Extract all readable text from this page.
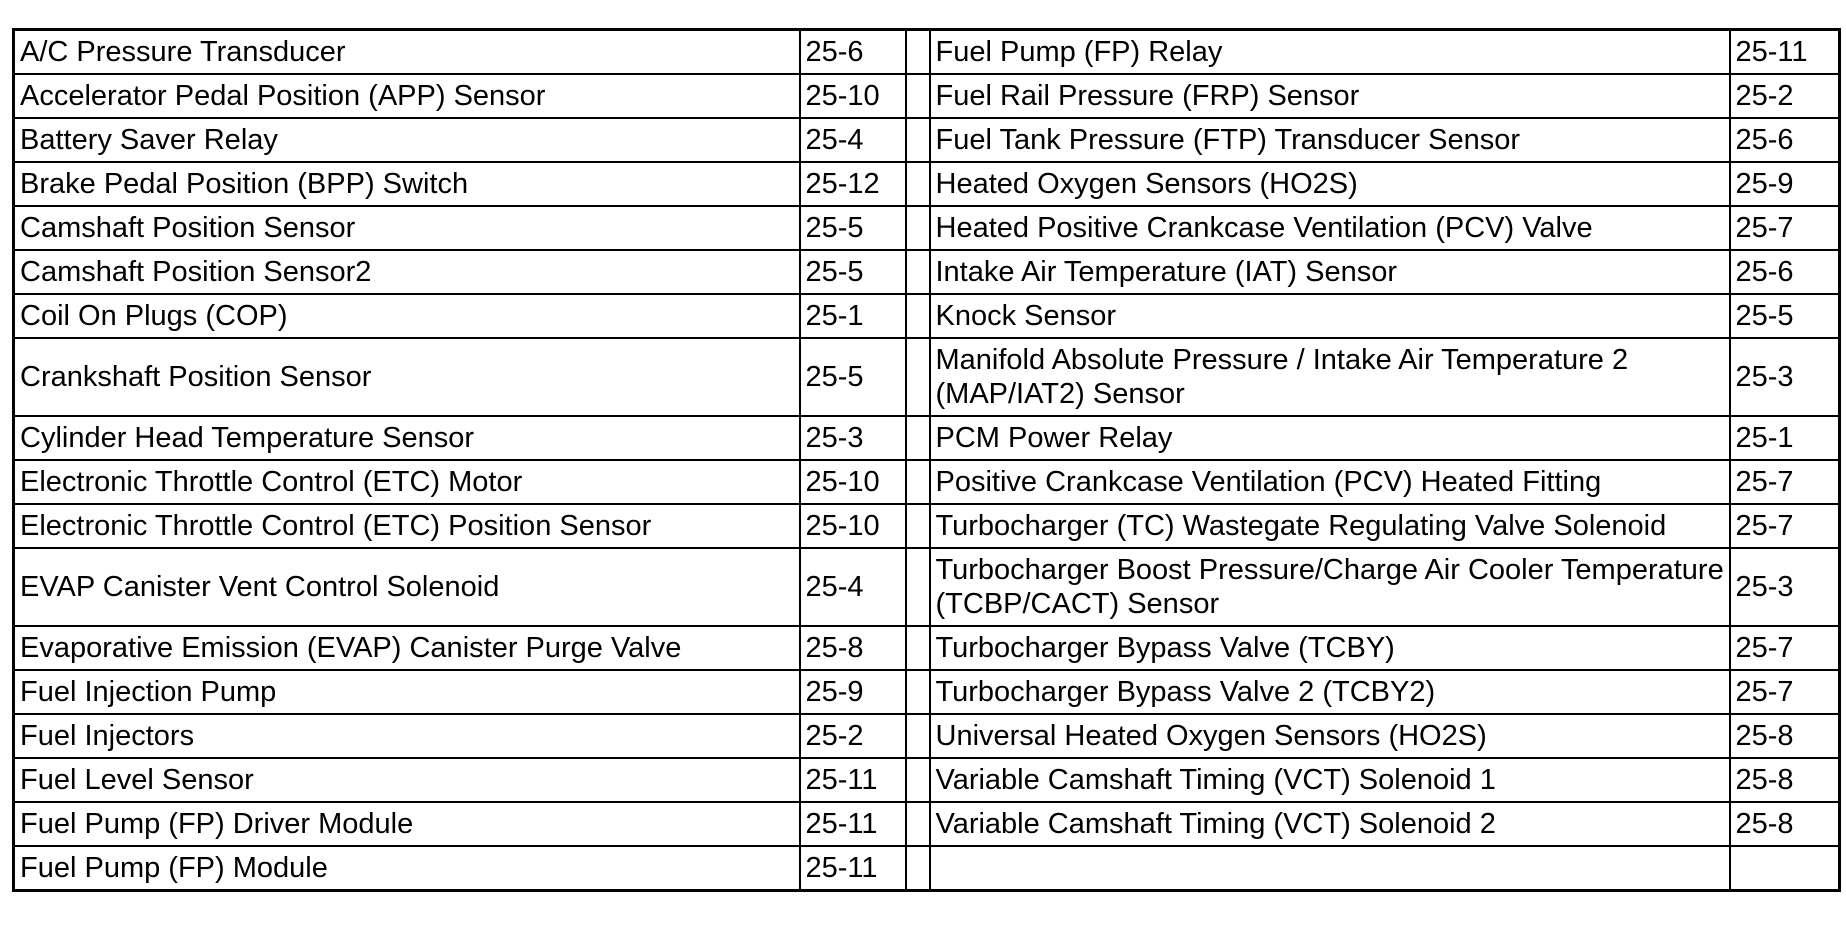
A/C Pressure Transducer	25-6		Fuel Pump (FP) Relay	25-11
Accelerator Pedal Position (APP) Sensor	25-10		Fuel Rail Pressure (FRP) Sensor	25-2
Battery Saver Relay	25-4		Fuel Tank Pressure (FTP) Transducer Sensor	25-6
Brake Pedal Position (BPP) Switch	25-12		Heated Oxygen Sensors (HO2S)	25-9
Camshaft Position Sensor	25-5		Heated Positive Crankcase Ventilation (PCV) Valve	25-7
Camshaft Position Sensor2	25-5		Intake Air Temperature (IAT) Sensor	25-6
Coil On Plugs (COP)	25-1		Knock Sensor	25-5
Crankshaft Position Sensor	25-5		Manifold Absolute Pressure / Intake Air Temperature 2 (MAP/IAT2) Sensor	25-3
Cylinder Head Temperature Sensor	25-3		PCM Power Relay	25-1
Electronic Throttle Control (ETC) Motor	25-10		Positive Crankcase Ventilation (PCV) Heated Fitting	25-7
Electronic Throttle Control (ETC) Position Sensor	25-10		Turbocharger (TC) Wastegate Regulating Valve Solenoid	25-7
EVAP Canister Vent Control Solenoid	25-4		Turbocharger Boost Pressure/Charge Air Cooler Temperature (TCBP/CACT) Sensor	25-3
Evaporative Emission (EVAP) Canister Purge Valve	25-8		Turbocharger Bypass Valve (TCBY)	25-7
Fuel Injection Pump	25-9		Turbocharger Bypass Valve 2 (TCBY2)	25-7
Fuel Injectors	25-2		Universal Heated Oxygen Sensors (HO2S)	25-8
Fuel Level Sensor	25-11		Variable Camshaft Timing (VCT) Solenoid 1	25-8
Fuel Pump (FP) Driver Module	25-11		Variable Camshaft Timing (VCT) Solenoid 2	25-8
Fuel Pump (FP) Module	25-11			
